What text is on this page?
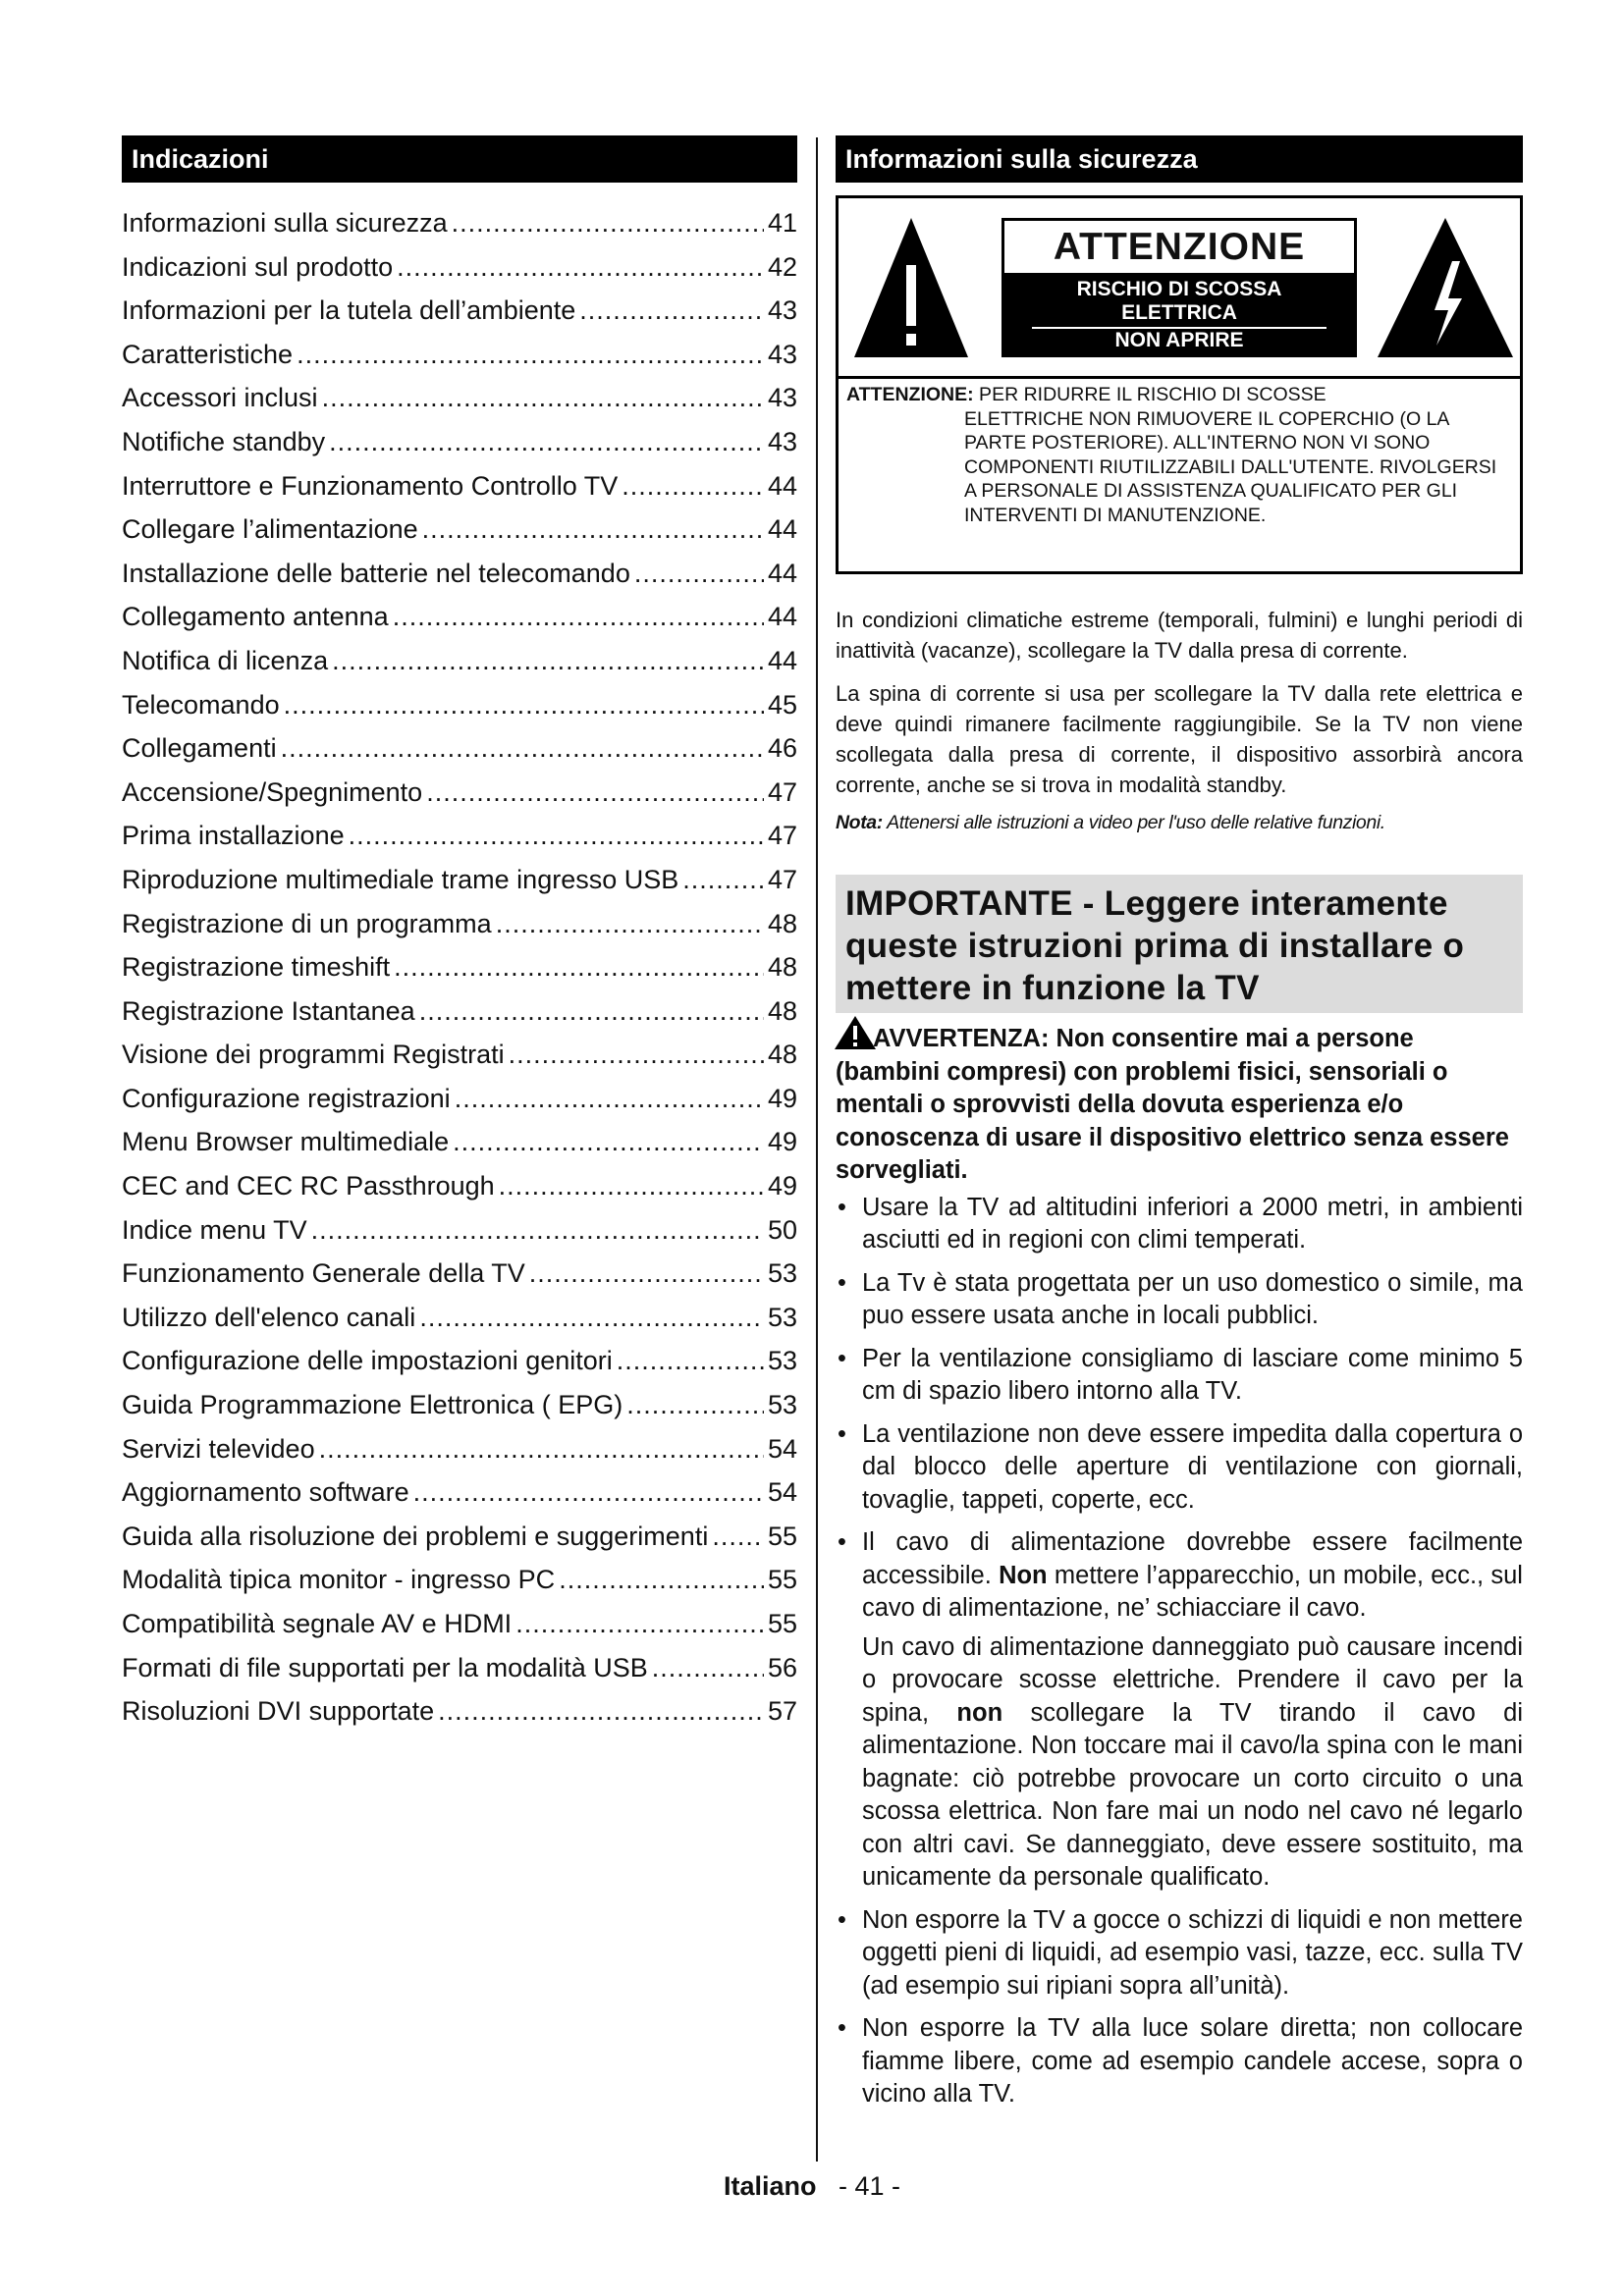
Indicazioni
Informazioni sulla sicurezza .....	41
Indicazioni sul prodotto .....	42
Informazioni per la tutela dell’ambiente .....	43
Caratteristiche .....	43
Accessori inclusi .....	43
Notifiche standby .....	43
Interruttore e Funzionamento Controllo TV .....	44
Collegare l’alimentazione .....	44
Installazione delle batterie nel telecomando .....	44
Collegamento antenna .....	44
Notifica di licenza .....	44
Telecomando .....	45
Collegamenti .....	46
Accensione/Spegnimento .....	47
Prima installazione .....	47
Riproduzione multimediale trame ingresso USB .....	47
Registrazione di un programma .....	48
Registrazione timeshift .....	48
Registrazione Istantanea .....	48
Visione dei programmi Registrati .....	48
Configurazione registrazioni .....	49
Menu Browser multimediale .....	49
CEC and CEC RC Passthrough .....	49
Indice menu TV .....	50
Funzionamento Generale della TV .....	53
Utilizzo dell'elenco canali .....	53
Configurazione delle impostazioni genitori .....	53
Guida Programmazione Elettronica ( EPG) .....	53
Servizi televideo .....	54
Aggiornamento software .....	54
Guida alla risoluzione dei problemi e suggerimenti ..... 55
Modalità tipica monitor - ingresso PC .....	55
Compatibilità segnale AV e HDMI .....	55
Formati di file supportati per la modalità USB .....	56
Risoluzioni DVI supportate .....	57
Informazioni sulla sicurezza
ATTENZIONE
RISCHIO DI SCOSSA
ELETTRICA
NON APRIRE
ATTENZIONE: PER RIDURRE IL RISCHIO DI SCOSSE
ELETTRICHE NON RIMUOVERE IL COPERCHIO (O LA PARTE POSTERIORE). ALL'INTERNO NON VI SONO COMPONENTI RIUTILIZZABILI DALL'UTENTE. RIVOLGERSI A PERSONALE DI ASSISTENZA QUALIFICATO PER GLI INTERVENTI DI MANUTENZIONE.

In condizioni climatiche estreme (temporali, fulmini) e lunghi periodi di inattività (vacanze), scollegare la TV dalla presa di corrente.

La spina di corrente si usa per scollegare la TV dalla rete elettrica e deve quindi rimanere facilmente raggiungibile. Se la TV non viene scollegata dalla presa di corrente, il dispositivo assorbirà ancora corrente, anche se si trova in modalità standby.

Nota: Attenersi alle istruzioni a video per l'uso delle relative funzioni.
IMPORTANTE - Leggere interamente queste istruzioni prima di installare o mettere in funzione la TV
AVVERTENZA: Non consentire mai a persone (bambini compresi) con problemi fisici, sensoriali o mentali o sprovvisti della dovuta esperienza e/o conoscenza di usare il dispositivo elettrico senza essere sorvegliati.
• Usare la TV ad altitudini inferiori a 2000 metri, in ambienti asciutti ed in regioni con climi temperati.
• La Tv è stata progettata per un uso domestico o simile, ma puo essere usata anche in locali pubblici.
• Per la ventilazione consigliamo di lasciare come minimo 5 cm di spazio libero intorno alla TV.
• La ventilazione non deve essere impedita dalla copertura o dal blocco delle aperture di ventilazione con giornali, tovaglie, tappeti, coperte, ecc.
• Il cavo di alimentazione dovrebbe essere facilmente accessibile. Non mettere l’apparecchio, un mobile, ecc., sul cavo di alimentazione, ne’ schiacciare il cavo.
Un cavo di alimentazione danneggiato può causare incendi o provocare scosse elettriche. Prendere il cavo per la spina, non scollegare la TV tirando il cavo di alimentazione. Non toccare mai il cavo/la spina con le mani bagnate: ciò potrebbe provocare un corto circuito o una scossa elettrica. Non fare mai un nodo nel cavo né legarlo con altri cavi. Se danneggiato, deve essere sostituito, ma unicamente da personale qualificato.
• Non esporre la TV a gocce o schizzi di liquidi e non mettere oggetti pieni di liquidi, ad esempio vasi, tazze, ecc. sulla TV (ad esempio sui ripiani sopra all’unità).
• Non esporre la TV alla luce solare diretta; non collocare fiamme libere, come ad esempio candele accese, sopra o vicino alla TV.
Italiano - 41 -
